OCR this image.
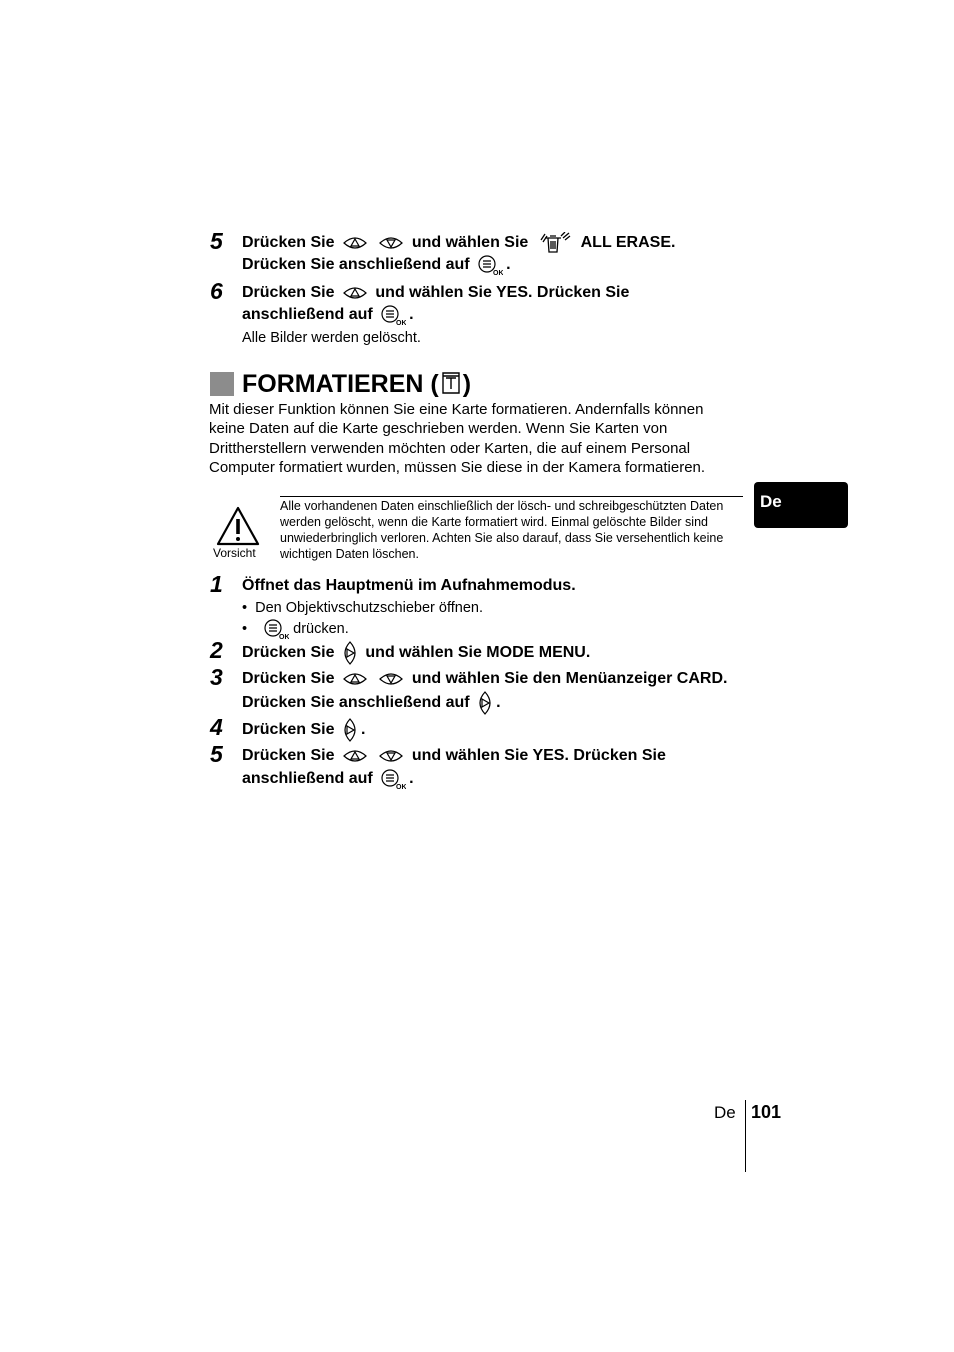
5 Drücken Sie
	und wählen Sie	ALL ERASE.
Drücken Sie anschließend auf
OK
.
6 Drücken Sie	und wählen Sie YES. Drücken Sie
anschließend auf
OK
.
Alle Bilder werden gelöscht.
FORMATIEREN ( )
Mit dieser Funktion können Sie eine Karte formatieren. Andernfalls können keine Daten auf die Karte geschrieben werden. Wenn Sie Karten von Drittherstellern verwenden möchten oder Karten, die auf einem Personal Computer formatiert wurden, müssen Sie diese in der Kamera formatieren.
Vorsicht
Alle vorhandenen Daten einschließlich der lösch- und schreibgeschützten Daten werden gelöscht, wenn die Karte formatiert wird. Einmal gelöschte Bilder sind unwiederbringlich verloren. Achten Sie also darauf, dass Sie versehentlich keine wichtigen Daten löschen.
De
1 Öffnet das Hauptmenü im Aufnahmemodus.
•  Den Objektivschutzschieber öffnen.
•
OK
drücken.
2 Drücken Sie und wählen Sie MODE MENU.
3 Drücken Sie
	und wählen Sie den Menüanzeiger CARD.
Drücken Sie anschließend auf .
4 Drücken Sie .
5 Drücken Sie
	und wählen Sie YES. Drücken Sie
anschließend auf
OK
.
De 101
